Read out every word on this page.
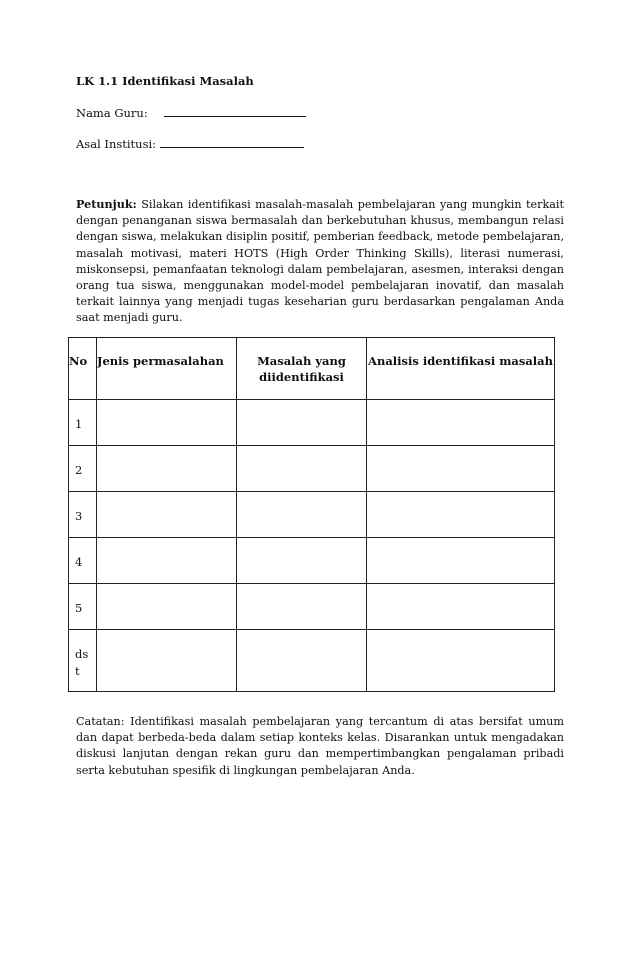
LK 1.1 Identifikasi Masalah
Nama Guru:
Asal Institusi:

Petunjuk: Silakan identifikasi masalah-masalah pembelajaran yang mungkin terkait dengan penanganan siswa bermasalah dan berkebutuhan khusus, membangun relasi dengan siswa, melakukan disiplin positif, pemberian feedback, metode pembelajaran, masalah motivasi, materi HOTS (High Order Thinking Skills), literasi numerasi, miskonsepsi, pemanfaatan teknologi dalam pembelajaran, asesmen, interaksi dengan orang tua siswa, menggunakan model-model pembelajaran inovatif, dan masalah terkait lainnya yang menjadi tugas keseharian guru berdasarkan pengalaman Anda saat menjadi guru.

No	Jenis permasalahan	Masalah yang diidentifikasi	Analisis identifikasi masalah
1			
2			
3			
4			
5			

dst			

Catatan: Identifikasi masalah pembelajaran yang tercantum di atas bersifat umum dan dapat berbeda-beda dalam setiap konteks kelas. Disarankan untuk mengadakan diskusi lanjutan dengan rekan guru dan mempertimbangkan pengalaman pribadi serta kebutuhan spesifik di lingkungan pembelajaran Anda.
